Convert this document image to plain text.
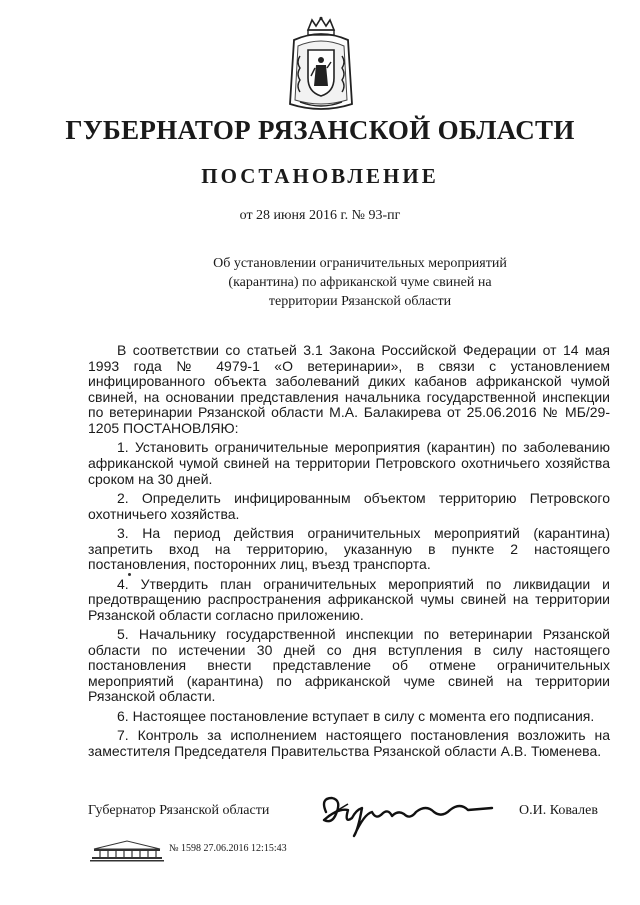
ГУБЕРНАТОР РЯЗАНСКОЙ ОБЛАСТИ
ПОСТАНОВЛЕНИЕ
от 28 июня 2016 г. № 93-пг
Об установлении ограничительных мероприятий
(карантина) по африканской чуме свиней на
территории Рязанской области

В соответствии со статьей 3.1 Закона Российской Федерации от 14 мая 1993 года № 4979-1 «О ветеринарии», в связи с установлением инфицированного объекта заболеваний диких кабанов африканской чумой свиней, на основании представления начальника государственной инспекции по ветеринарии Рязанской области М.А. Балакирева от 25.06.2016 № МБ/29-1205 ПОСТАНОВЛЯЮ:

1. Установить ограничительные мероприятия (карантин) по заболеванию африканской чумой свиней на территории Петровского охотничьего хозяйства сроком на 30 дней.

2. Определить инфицированным объектом территорию Петровского охотничьего хозяйства.

3. На период действия ограничительных мероприятий (карантина) запретить вход на территорию, указанную в пункте 2 настоящего постановления, посторонних лиц, въезд транспорта.

4. Утвердить план ограничительных мероприятий по ликвидации и предотвращению распространения африканской чумы свиней на территории Рязанской области согласно приложению.

5. Начальнику государственной инспекции по ветеринарии Рязанской области по истечении 30 дней со дня вступления в силу настоящего постановления внести представление об отмене ограничительных мероприятий (карантина) по африканской чуме свиней на территории Рязанской области.

6. Настоящее постановление вступает в силу с момента его подписания.

7. Контроль за исполнением настоящего постановления возложить на заместителя Председателя Правительства Рязанской области А.В. Тюменева.

Губернатор Рязанской области	О.И. Ковалев
№ 1598 27.06.2016 12:15:43
